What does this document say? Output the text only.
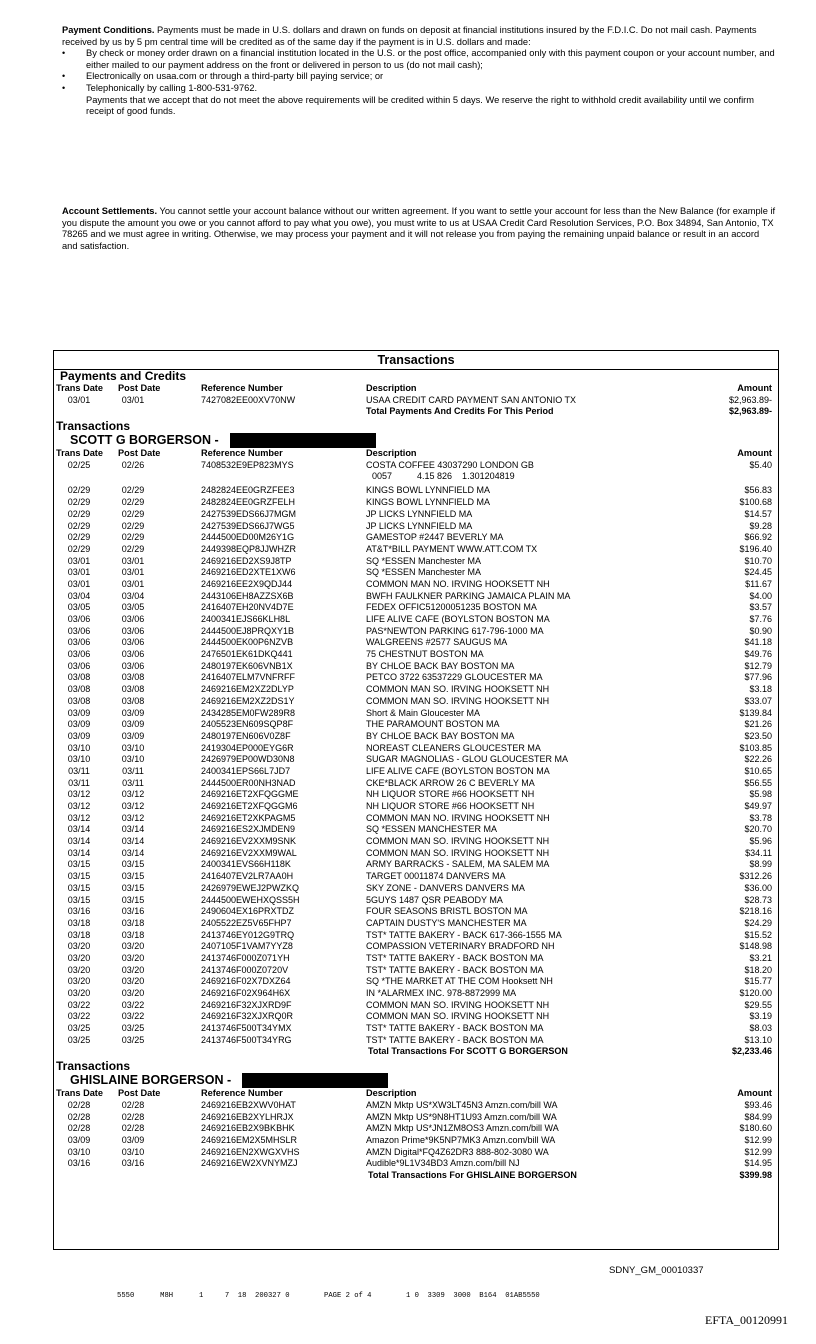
Payment Conditions. Payments must be made in U.S. dollars and drawn on funds on deposit at financial institutions insured by the F.D.I.C. Do not mail cash. Payments received by us by 5 pm central time will be credited as of the same day if the payment is in U.S. dollars and made:
• By check or money order drawn on a financial institution located in the U.S. or the post office, accompanied only with this payment coupon or your account number, and either mailed to our payment address on the front or delivered in person to us (do not mail cash);
• Electronically on usaa.com or through a third-party bill paying service; or
• Telephonically by calling 1-800-531-9762.
Payments that we accept that do not meet the above requirements will be credited within 5 days. We reserve the right to withhold credit availability until we confirm receipt of good funds.
Account Settlements. You cannot settle your account balance without our written agreement. If you want to settle your account for less than the New Balance (for example if you dispute the amount you owe or you cannot afford to pay what you owe), you must write to us at USAA Credit Card Resolution Services, P.O. Box 34894, San Antonio, TX 78265 and we must agree in writing. Otherwise, we may process your payment and it will not release you from paying the remaining unpaid balance or result in an accord and satisfaction.
Transactions
Payments and Credits
Trans Date Post Date	Reference Number	Description	Amount
03/01	03/01	7427082EE00XV70NW	USAA CREDIT CARD PAYMENT SAN ANTONIO TX	$2,963.89-
Total Payments And Credits For This Period	$2,963.89-
Transactions
SCOTT G BORGERSON -
Trans Date Post Date	Reference Number	Description	Amount
02/25	02/26	7408532E9EP823MYS	COSTA COFFEE 43037290 LONDON GB	$5.40
0057          4.15 826    1.301204819
02/29	02/29	2482824EE0GRZFEE3	KINGS BOWL LYNNFIELD MA	$56.83
02/29	02/29	2482824EE0GRZFELH	KINGS BOWL LYNNFIELD MA	$100.68
02/29	02/29	2427539EDS66J7MGM	JP LICKS LYNNFIELD MA	$14.57
02/29	02/29	2427539EDS66J7WG5	JP LICKS LYNNFIELD MA	$9.28
02/29	02/29	2444500ED00M26Y1G	GAMESTOP #2447 BEVERLY MA	$66.92
02/29	02/29	2449398EQP8JJWHZR	AT&T*BILL PAYMENT WWW.ATT.COM TX	$196.40
03/01	03/01	2469216ED2XS9J8TP	SQ *ESSEN Manchester MA	$10.70
03/01	03/01	2469216ED2XTE1XW6	SQ *ESSEN Manchester MA	$24.45
03/01	03/01	2469216EE2X9QDJ44	COMMON MAN NO. IRVING HOOKSETT NH	$11.67
03/04	03/04	2443106EH8AZZSX6B	BWFH FAULKNER PARKING JAMAICA PLAIN MA	$4.00
03/05	03/05	2416407EH20NV4D7E	FEDEX OFFIC51200051235 BOSTON MA	$3.57
03/06	03/06	2400341EJS66KLH8L	LIFE ALIVE CAFE (BOYLSTON BOSTON MA	$7.76
03/06	03/06	2444500EJ8PRQXY1B	PAS*NEWTON PARKING 617-796-1000 MA	$0.90
03/06	03/06	2444500EK00P6NZVB	WALGREENS #2577 SAUGUS MA	$41.18
03/06	03/06	2476501EK61DKQ441	75 CHESTNUT BOSTON MA	$49.76
03/06	03/06	2480197EK606VNB1X	BY CHLOE BACK BAY BOSTON MA	$12.79
03/08	03/08	2416407ELM7VNFRFF	PETCO 3722 63537229 GLOUCESTER MA	$77.96
03/08	03/08	2469216EM2XZ2DLYP	COMMON MAN SO. IRVING HOOKSETT NH	$3.18
03/08	03/08	2469216EM2XZ2DS1Y	COMMON MAN SO. IRVING HOOKSETT NH	$33.07
03/09	03/09	2434285EM0FW289R8	Short & Main Gloucester MA	$139.84
03/09	03/09	2405523EN609SQP8F	THE PARAMOUNT BOSTON MA	$21.26
03/09	03/09	2480197EN606V0Z8F	BY CHLOE BACK BAY BOSTON MA	$23.50
03/10	03/10	2419304EP000EYG6R	NOREAST CLEANERS GLOUCESTER MA	$103.85
03/10	03/10	2426979EP00WD30N8	SUGAR MAGNOLIAS - GLOU GLOUCESTER MA	$22.26
03/11	03/11	2400341EPS66L7JD7	LIFE ALIVE CAFE (BOYLSTON BOSTON MA	$10.65
03/11	03/11	2444500ER00NH3NAD	CKE*BLACK ARROW 26 C BEVERLY MA	$56.55
03/12	03/12	2469216ET2XFQGGME	NH LIQUOR STORE #66 HOOKSETT NH	$5.98
03/12	03/12	2469216ET2XFQGGM6	NH LIQUOR STORE #66 HOOKSETT NH	$49.97
03/12	03/12	2469216ET2XKPAGM5	COMMON MAN NO. IRVING HOOKSETT NH	$3.78
03/14	03/14	2469216ES2XJMDEN9	SQ *ESSEN MANCHESTER MA	$20.70
03/14	03/14	2469216EV2XXM9SNK	COMMON MAN SO. IRVING HOOKSETT NH	$5.96
03/14	03/14	2469216EV2XXM9WAL	COMMON MAN SO. IRVING HOOKSETT NH	$34.11
03/15	03/15	2400341EVS66H118K	ARMY BARRACKS - SALEM, MA SALEM MA	$8.99
03/15	03/15	2416407EV2LR7AA0H	TARGET 00011874 DANVERS MA	$312.26
03/15	03/15	2426979EWEJ2PWZKQ	SKY ZONE - DANVERS DANVERS MA	$36.00
03/15	03/15	2444500EWEHXQSS5H	5GUYS 1487 QSR PEABODY MA	$28.73
03/16	03/16	2490604EX16PRXTDZ	FOUR SEASONS BRISTL BOSTON MA	$218.16
03/18	03/18	2405522EZ5V65FHP7	CAPTAIN DUSTY'S MANCHESTER MA	$24.29
03/18	03/18	2413746EY012G9TRQ	TST* TATTE BAKERY - BACK 617-366-1555 MA	$15.52
03/20	03/20	2407105F1VAM7YYZ8	COMPASSION VETERINARY BRADFORD NH	$148.98
03/20	03/20	2413746F000Z071YH	TST* TATTE BAKERY - BACK BOSTON MA	$3.21
03/20	03/20	2413746F000Z0720V	TST* TATTE BAKERY - BACK BOSTON MA	$18.20
03/20	03/20	2469216F02X7DXZ64	SQ *THE MARKET AT THE COM Hooksett NH	$15.77
03/20	03/20	2469216F02X964H6X	IN *ALARMEX INC. 978-8872999 MA	$120.00
03/22	03/22	2469216F32XJXRD9F	COMMON MAN SO. IRVING HOOKSETT NH	$29.55
03/22	03/22	2469216F32XJXRQ0R	COMMON MAN SO. IRVING HOOKSETT NH	$3.19
03/25	03/25	2413746F500T34YMX	TST* TATTE BAKERY - BACK BOSTON MA	$8.03
03/25	03/25	2413746F500T34YRG	TST* TATTE BAKERY - BACK BOSTON MA	$13.10
Total Transactions For SCOTT G BORGERSON	$2,233.46
Transactions
GHISLAINE BORGERSON -
Trans Date Post Date	Reference Number	Description	Amount
02/28	02/28	2469216EB2XWV0HAT	AMZN Mktp US*XW3LT45N3 Amzn.com/bill WA	$93.46
02/28	02/28	2469216EB2XYLHRJX	AMZN Mktp US*9N8HT1U93 Amzn.com/bill WA	$84.99
02/28	02/28	2469216EB2X9BKBHK	AMZN Mktp US*JN1ZM8OS3 Amzn.com/bill WA	$180.60
03/09	03/09	2469216EM2X5MHSLR	Amazon Prime*9K5NP7MK3 Amzn.com/bill WA	$12.99
03/10	03/10	2469216EN2XWGXVHS	AMZN Digital*FQ4Z62DR3 888-802-3080 WA	$12.99
03/16	03/16	2469216EW2XVNYMZJ	Audible*9L1V34BD3 Amzn.com/bill NJ	$14.95
Total Transactions For GHISLAINE BORGERSON	$399.98
SDNY_GM_00010337
5550      M8H      1     7  18  200327 0        PAGE 2 of 4        1 0  3309  3000  B164  01AB5550
EFTA_00120991
